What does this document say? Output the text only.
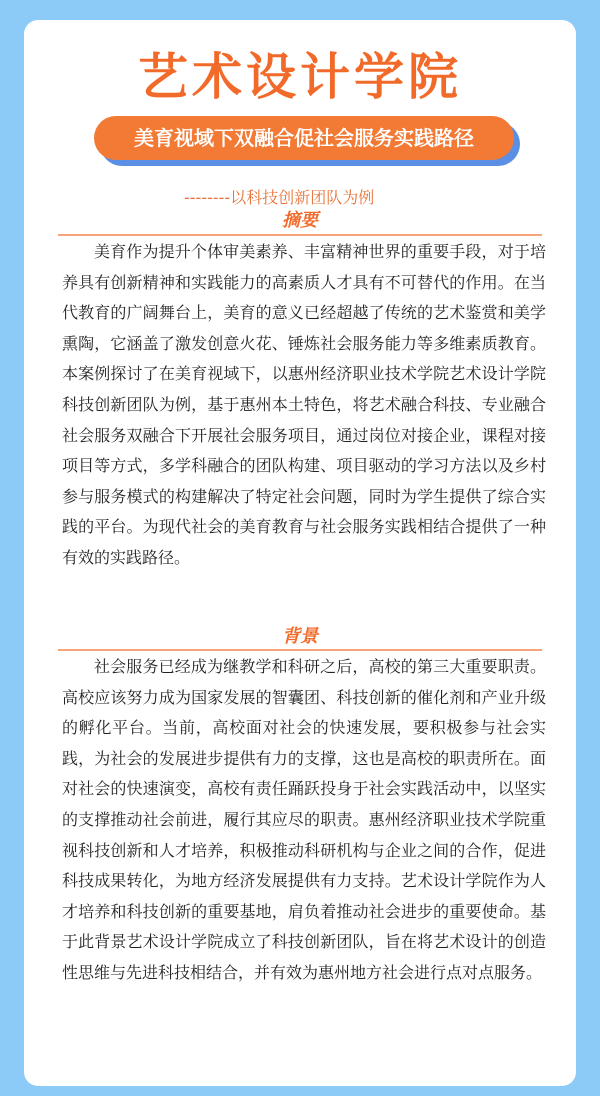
艺术设计学院
美育视域下双融合促社会服务实践路径
--------以科技创新团队为例
摘要
美育作为提升个体审美素养、丰富精神世界的重要手段，对于培养具有创新精神和实践能力的高素质人才具有不可替代的作用。在当代教育的广阔舞台上，美育的意义已经超越了传统的艺术鉴赏和美学熏陶，它涵盖了激发创意火花、锤炼社会服务能力等多维素质教育。本案例探讨了在美育视域下，以惠州经济职业技术学院艺术设计学院科技创新团队为例，基于惠州本土特色，将艺术融合科技、专业融合社会服务双融合下开展社会服务项目，通过岗位对接企业，课程对接项目等方式，多学科融合的团队构建、项目驱动的学习方法以及乡村参与服务模式的构建解决了特定社会问题，同时为学生提供了综合实践的平台。为现代社会的美育教育与社会服务实践相结合提供了一种有效的实践路径。
背景
社会服务已经成为继教学和科研之后，高校的第三大重要职责。高校应该努力成为国家发展的智囊团、科技创新的催化剂和产业升级的孵化平台。当前，高校面对社会的快速发展，要积极参与社会实践，为社会的发展进步提供有力的支撑，这也是高校的职责所在。面对社会的快速演变，高校有责任踊跃投身于社会实践活动中，以坚实的支撑推动社会前进，履行其应尽的职责。惠州经济职业技术学院重视科技创新和人才培养，积极推动科研机构与企业之间的合作，促进科技成果转化，为地方经济发展提供有力支持。艺术设计学院作为人才培养和科技创新的重要基地，肩负着推动社会进步的重要使命。基于此背景艺术设计学院成立了科技创新团队，旨在将艺术设计的创造性思维与先进科技相结合，并有效为惠州地方社会进行点对点服务。
